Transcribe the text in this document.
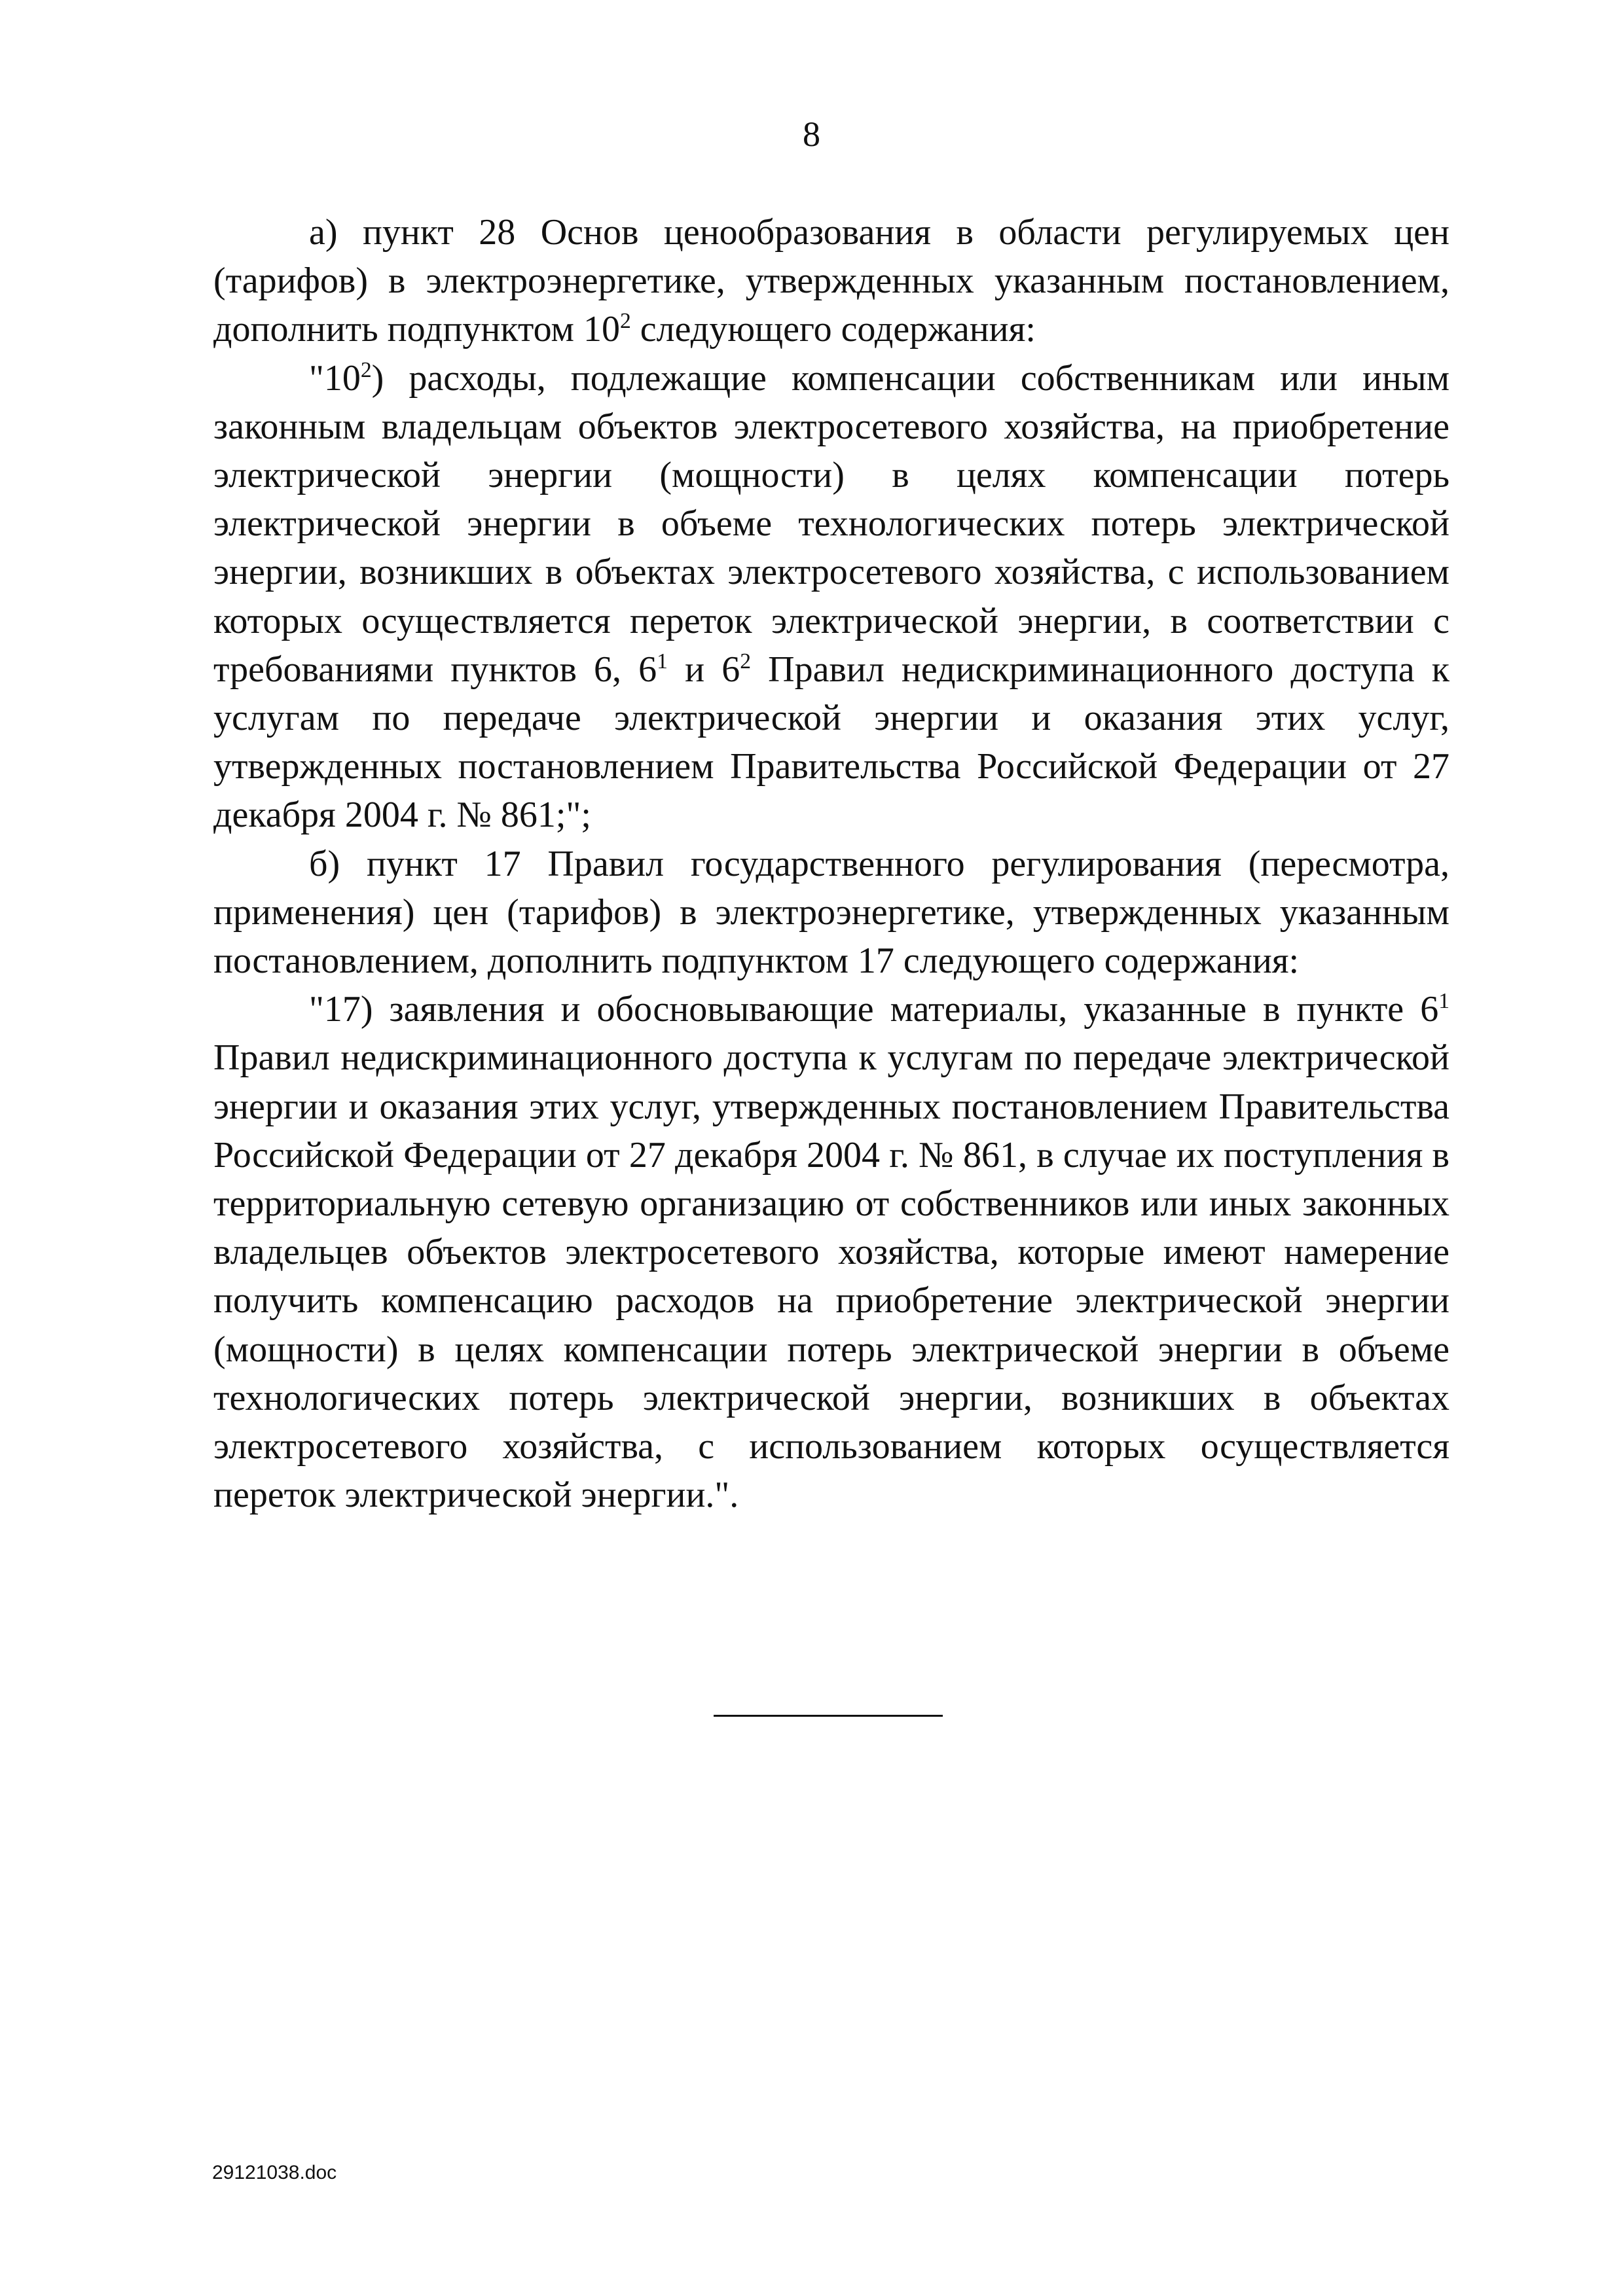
8

а) пункт 28 Основ ценообразования в области регулируемых цен (тарифов) в электроэнергетике, утвержденных указанным постановлением, дополнить подпунктом $10^2$ следующего содержания:

"$10^2$) расходы, подлежащие компенсации собственникам или иным законным владельцам объектов электросетевого хозяйства, на приобретение электрической энергии (мощности) в целях компенсации потерь электрической энергии в объеме технологических потерь электрической энергии, возникших в объектах электросетевого хозяйства, с использованием которых осуществляется переток электрической энергии, в соответствии с требованиями пунктов 6, $6^1$ и $6^2$ Правил недискриминационного доступа к услугам по передаче электрической энергии и оказания этих услуг, утвержденных постановлением Правительства Российской Федерации от 27 декабря 2004 г. № 861;";

б) пункт 17 Правил государственного регулирования (пересмотра, применения) цен (тарифов) в электроэнергетике, утвержденных указанным постановлением, дополнить подпунктом 17 следующего содержания:

"17) заявления и обосновывающие материалы, указанные в пункте $6^1$ Правил недискриминационного доступа к услугам по передаче электрической энергии и оказания этих услуг, утвержденных постановлением Правительства Российской Федерации от 27 декабря 2004 г. № 861, в случае их поступления в территориальную сетевую организацию от собственников или иных законных владельцев объектов электросетевого хозяйства, которые имеют намерение получить компенсацию расходов на приобретение электрической энергии (мощности) в целях компенсации потерь электрической энергии в объеме технологических потерь электрической энергии, возникших в объектах электросетевого хозяйства, с использованием которых осуществляется переток электрической энергии.".

29121038.doc
